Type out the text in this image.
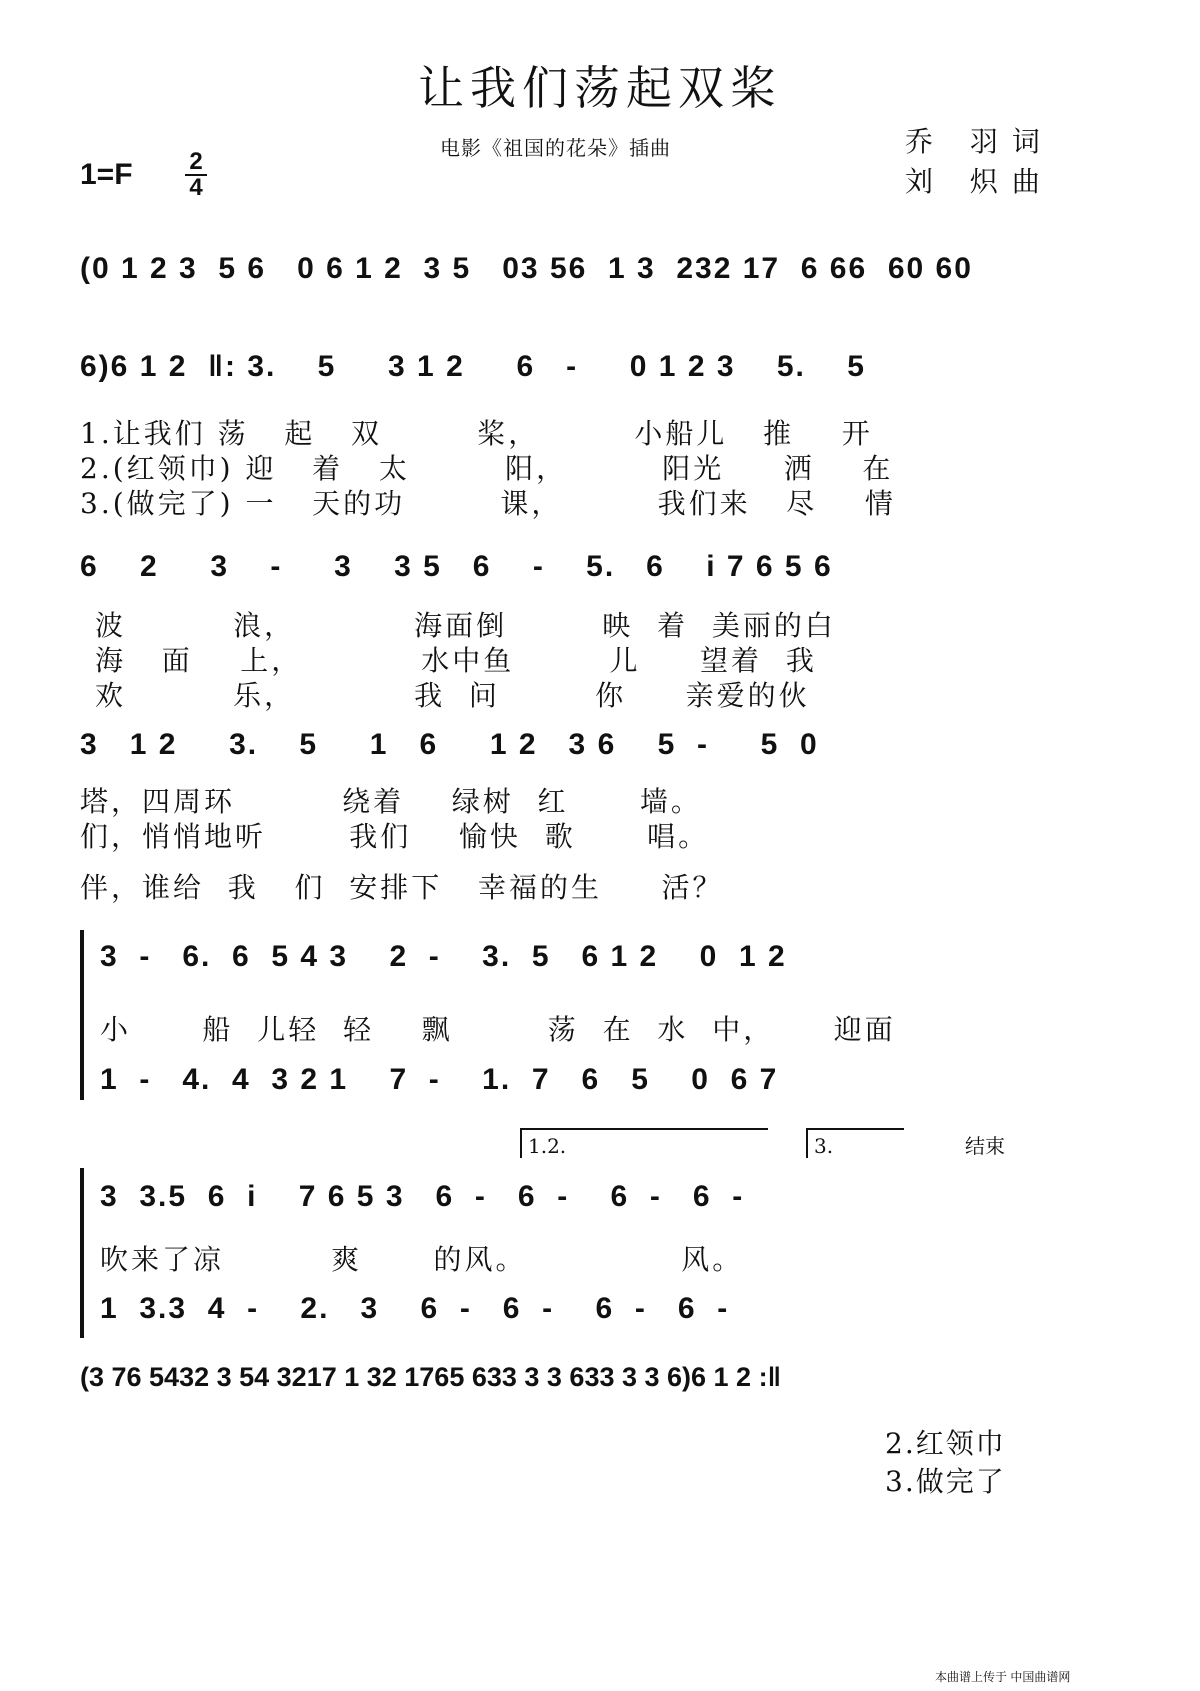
让我们荡起双桨
电影《祖国的花朵》插曲	乔 羽词
刘 炽曲
$1=F \frac{2}{4}$
(0 1 2 3  5 6   0 6 1 2  3 5   03 56  1 3  232 17  6 66  60 60
6)6 1 2  ‖: 3.    5     3 1 2     6   -     0 1 2 3    5.    5
1.让我们 荡   起   双        桨，        小船儿   推    开
2.(红领巾) 迎   着   太        阳，        阳光     洒    在
3.(做完了) 一   天的功        课，        我们来   尽    情
6    2     3    -     3    3 5   6    -    5.   6    i 7 6 5 6
波         浪，          海面倒        映  着  美丽的白
海   面    上，          水中鱼        儿     望着  我
欢         乐，          我  问        你     亲爱的伙
3   1 2     3.    5     1   6     1 2   3 6    5  -     5  0
塔，四周环         绕着    绿树  红      墙。
们，悄悄地听       我们    愉快  歌      唱。
伴，谁给  我   们  安排下   幸福的生     活？
3  -   6.  6  5 4 3    2  -    3.  5   6 1 2    0  1 2
小      船  儿轻  轻    飘        荡  在  水  中，     迎面
1  -   4.  4  3 2 1    7  -    1.  7   6   5    0  6 7
1.2.	3.	结束
3  3.5  6  i    7 6 5 3   6  -   6  -    6  -   6  -
吹来了凉         爽      的风。             风。
1  3.3  4  -    2.   3    6  -   6  -    6  -   6  -
(3 76 5432 3 54 3217 1 32 1765 633 3 3 633 3 3 6)6 1 2 :‖
2.红领巾
3.做完了
本曲谱上传于 中国曲谱网
